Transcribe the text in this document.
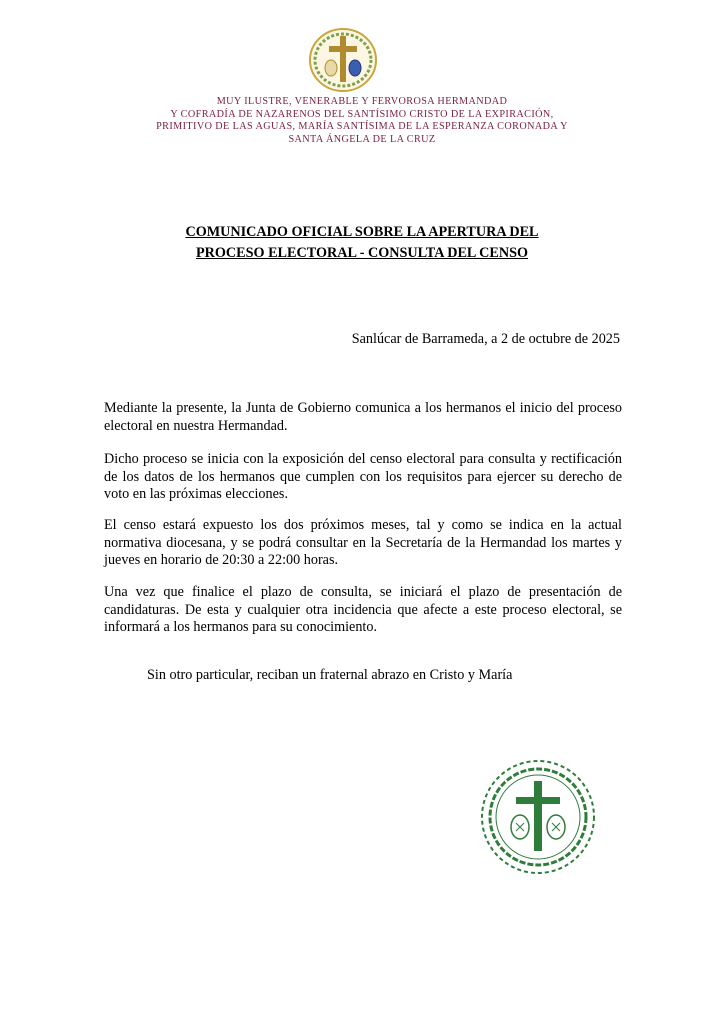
MUY ILUSTRE, VENERABLE Y FERVOROSA HERMANDAD
Y COFRADÍA DE NAZARENOS DEL SANTÍSIMO CRISTO DE LA EXPIRACIÓN,
PRIMITIVO DE LAS AGUAS, MARÍA SANTÍSIMA DE LA ESPERANZA CORONADA Y
SANTA ÁNGELA DE LA CRUZ
COMUNICADO OFICIAL SOBRE LA APERTURA DEL
PROCESO ELECTORAL - CONSULTA DEL CENSO
Sanlúcar de Barrameda, a 2 de octubre de 2025
Mediante la presente, la Junta de Gobierno comunica a los hermanos el inicio del proceso electoral en nuestra Hermandad.
Dicho proceso se inicia con la exposición del censo electoral para consulta y rectificación de los datos de los hermanos que cumplen con los requisitos para ejercer su derecho de voto en las próximas elecciones.
El censo estará expuesto los dos próximos meses, tal y como se indica en la actual normativa diocesana, y se podrá consultar en la Secretaría de la Hermandad los martes y jueves en horario de 20:30 a 22:00 horas.
Una vez que finalice el plazo de consulta, se iniciará el plazo de presentación de candidaturas. De esta y cualquier otra incidencia que afecte a este proceso electoral, se informará a los hermanos para su conocimiento.
Sin otro particular, reciban un fraternal abrazo en Cristo y María
